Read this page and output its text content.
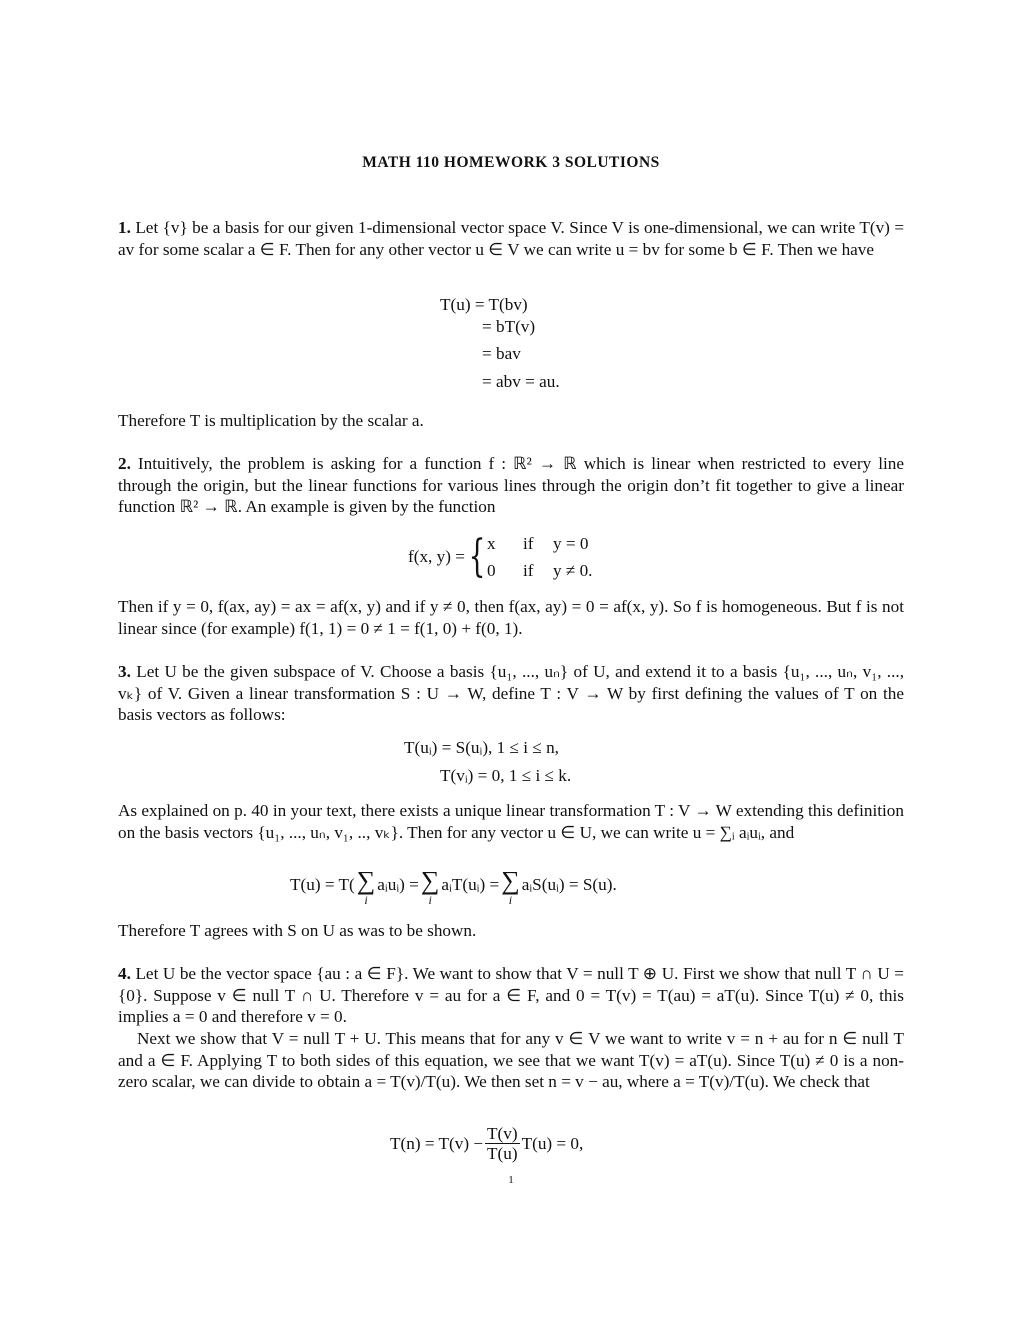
MATH 110 HOMEWORK 3 SOLUTIONS
1. Let {v} be a basis for our given 1-dimensional vector space V. Since V is one-dimensional, we can write T(v) = av for some scalar a ∈ F. Then for any other vector u ∈ V we can write u = bv for some b ∈ F. Then we have
T(u) = T(bv)
= bT(v)
= bav
= abv = au.
Therefore T is multiplication by the scalar a.
2. Intuitively, the problem is asking for a function f : ℝ² → ℝ which is linear when restricted to every line through the origin, but the linear functions for various lines through the origin don’t fit together to give a linear function ℝ² → ℝ. An example is given by the function
f(x, y) = { x if y = 0
0 if y ≠ 0.
Then if y = 0, f(ax, ay) = ax = af(x, y) and if y ≠ 0, then f(ax, ay) = 0 = af(x, y). So f is homogeneous. But f is not linear since (for example) f(1, 1) = 0 ≠ 1 = f(1, 0) + f(0, 1).
3. Let U be the given subspace of V. Choose a basis {u₁, ..., uₙ} of U, and extend it to a basis {u₁, ..., uₙ, v₁, ..., vₖ} of V. Given a linear transformation S : U → W, define T : V → W by first defining the values of T on the basis vectors as follows:
T(uᵢ) = S(uᵢ), 1 ≤ i ≤ n,
T(vᵢ) = 0, 1 ≤ i ≤ k.
As explained on p. 40 in your text, there exists a unique linear transformation T : V → W extending this definition on the basis vectors {u₁, ..., uₙ, v₁, .., vₖ}. Then for any vector u ∈ U, we can write u = ∑ᵢ aᵢuᵢ, and
T(u) = T( ∑
i
aᵢuᵢ) = ∑
i
aᵢT(uᵢ) = ∑
i
aᵢS(uᵢ) = S(u).
Therefore T agrees with S on U as was to be shown.
4. Let U be the vector space {au : a ∈ F}. We want to show that V = null T ⊕ U. First we show that null T ∩ U = {0}. Suppose v ∈ null T ∩ U. Therefore v = au for a ∈ F, and 0 = T(v) = T(au) = aT(u). Since T(u) ≠ 0, this implies a = 0 and therefore v = 0.
Next we show that V = null T + U. This means that for any v ∈ V we want to write v = n + au for n ∈ null T and a ∈ F. Applying T to both sides of this equation, we see that we want T(v) = aT(u). Since T(u) ≠ 0 is a non-zero scalar, we can divide to obtain a = T(v)/T(u). We then set n = v − au, where a = T(v)/T(u). We check that
$T(n) = T(v) - \frac{T(v)}{T(u)} T(u) = 0$,
1
